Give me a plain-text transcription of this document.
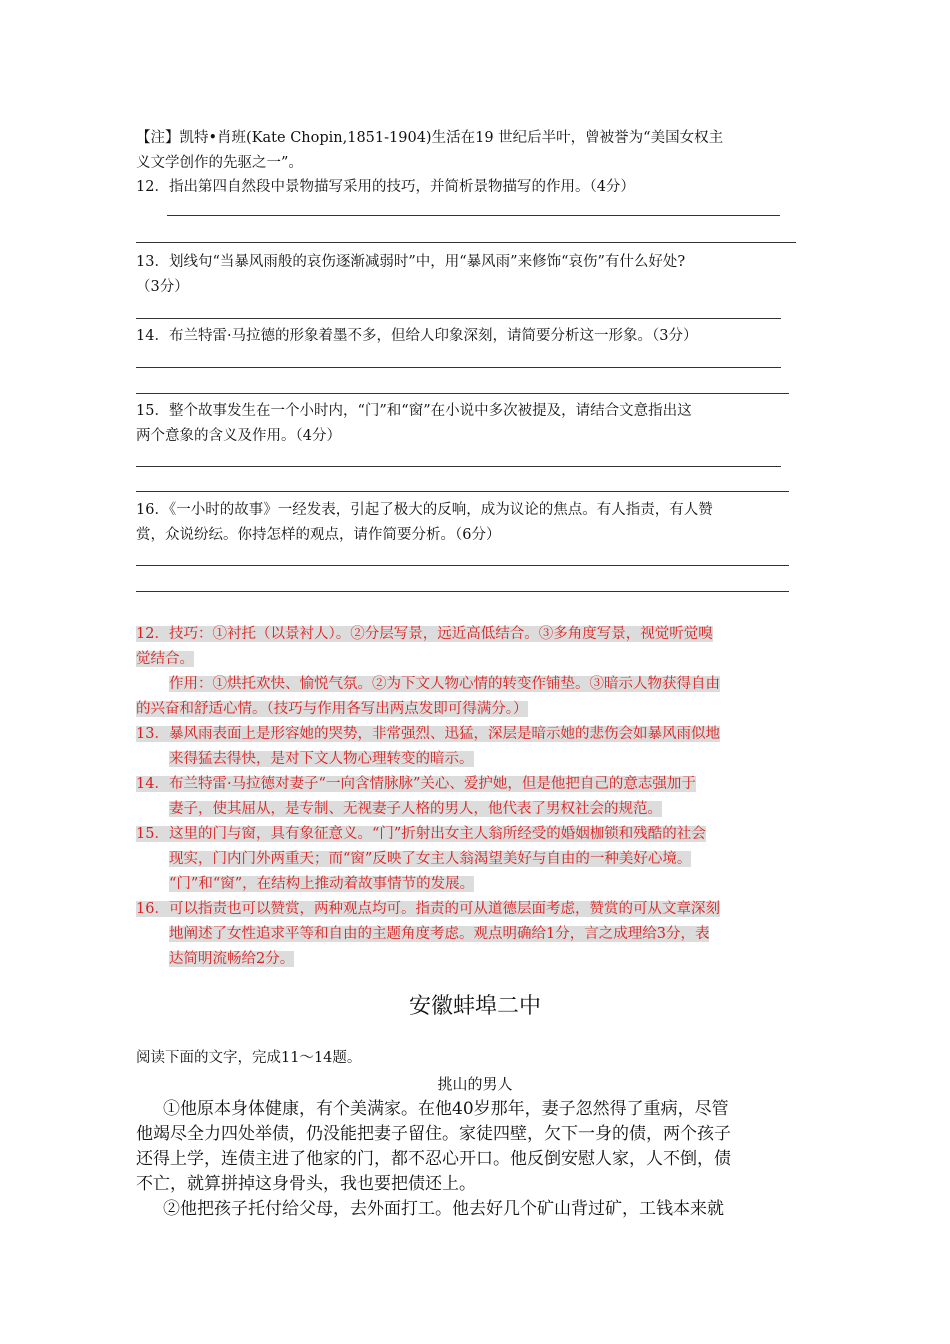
【注】凯特•肖班(Kate Chopin,1851-1904)生活在19 世纪后半叶，曾被誉为“美国女权主
义文学创作的先驱之一”。
12．指出第四自然段中景物描写采用的技巧，并简析景物描写的作用。（4分）
13．划线句“当暴风雨般的哀伤逐渐减弱时”中，用“暴风雨”来修饰“哀伤”有什么好处?
（3分）
14．布兰特雷·马拉德的形象着墨不多，但给人印象深刻，请简要分析这一形象。（3分）
15．整个故事发生在一个小时内，“门”和“窗”在小说中多次被提及，请结合文意指出这
两个意象的含义及作用。（4分）
16．《一小时的故事》一经发表，引起了极大的反响，成为议论的焦点。有人指责，有人赞
赏，众说纷纭。你持怎样的观点，请作简要分析。（6分）
12．技巧：①衬托（以景衬人）。②分层写景，远近高低结合。③多角度写景，视觉听觉嗅
觉结合。
作用：①烘托欢快、愉悦气氛。②为下文人物心情的转变作铺垫。③暗示人物获得自由
的兴奋和舒适心情。（技巧与作用各写出两点发即可得满分。）
13．暴风雨表面上是形容她的哭势，非常强烈、迅猛，深层是暗示她的悲伤会如暴风雨似地
来得猛去得快，是对下文人物心理转变的暗示。
14．布兰特雷·马拉德对妻子“一向含情脉脉”关心、爱护她，但是他把自己的意志强加于
妻子，使其屈从，是专制、无视妻子人格的男人，他代表了男权社会的规范。
15．这里的门与窗，具有象征意义。“门”折射出女主人翁所经受的婚姻枷锁和残酷的社会
现实，门内门外两重天；而“窗”反映了女主人翁渴望美好与自由的一种美好心境。
“门”和“窗”，在结构上推动着故事情节的发展。
16．可以指责也可以赞赏，两种观点均可。指责的可从道德层面考虑，赞赏的可从文章深刻
地阐述了女性追求平等和自由的主题角度考虑。观点明确给1分，言之成理给3分，表
达简明流畅给2分。
安徽蚌埠二中
阅读下面的文字，完成11～14题。
挑山的男人
①他原本身体健康，有个美满家。在他40岁那年，妻子忽然得了重病，尽管
他竭尽全力四处举债，仍没能把妻子留住。家徒四壁，欠下一身的债，两个孩子
还得上学，连债主进了他家的门，都不忍心开口。他反倒安慰人家，人不倒，债
不亡，就算拼掉这身骨头，我也要把债还上。
②他把孩子托付给父母，去外面打工。他去好几个矿山背过矿，工钱本来就
